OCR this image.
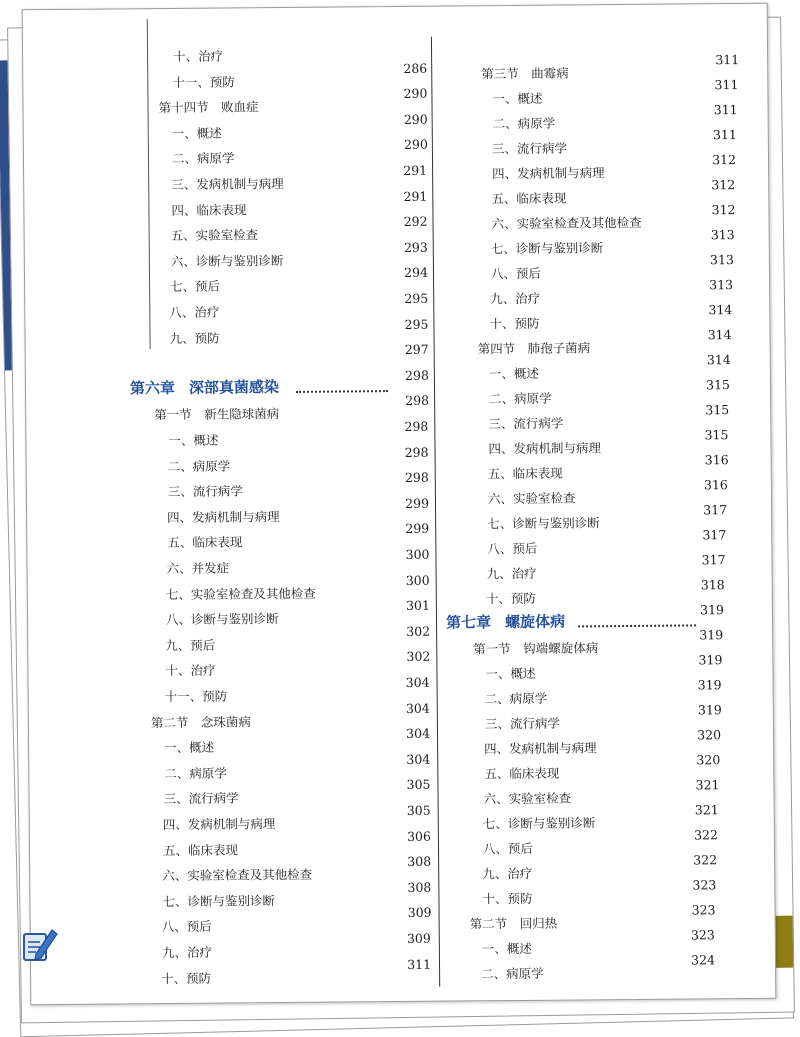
十、治疗
十一、预防
286
第十四节　败血症
290
一、概述
290
二、病原学
290
三、发病机制与病理
291
四、临床表现
291
五、实验室检查
292
六、诊断与鉴别诊断
293
七、预后
294
八、治疗
295
九、预防
295
297
第六章 深部真菌感染
298
第一节　新生隐球菌病
298
一、概述
298
二、病原学
298
三、流行病学
298
四、发病机制与病理
299
五、临床表现
299
六、并发症
300
七、实验室检查及其他检查
300
八、诊断与鉴别诊断
301
九、预后
302
十、治疗
302
十一、预防
304
第二节　念珠菌病
304
一、概述
304
二、病原学
304
三、流行病学
305
四、发病机制与病理
305
五、临床表现
306
六、实验室检查及其他检查
308
七、诊断与鉴别诊断
308
八、预后
309
九、治疗
309
十、预防
311
第三节　曲霉病
311
一、概述
311
二、病原学
311
三、流行病学
311
四、发病机制与病理
312
五、临床表现
312
六、实验室检查及其他检查
312
七、诊断与鉴别诊断
313
八、预后
313
九、治疗
313
十、预防
314
第四节　肺孢子菌病
314
一、概述
314
二、病原学
315
三、流行病学
315
四、发病机制与病理
315
五、临床表现
316
六、实验室检查
316
七、诊断与鉴别诊断
317
八、预后
317
九、治疗
317
十、预防
318
第七章 螺旋体病
319
第一节　钩端螺旋体病
319
一、概述
319
二、病原学
319
三、流行病学
319
四、发病机制与病理
320
五、临床表现
320
六、实验室检查
321
七、诊断与鉴别诊断
321
八、预后
322
九、治疗
322
十、预防
323
第二节　回归热
323
一、概述
323
二、病原学
324
